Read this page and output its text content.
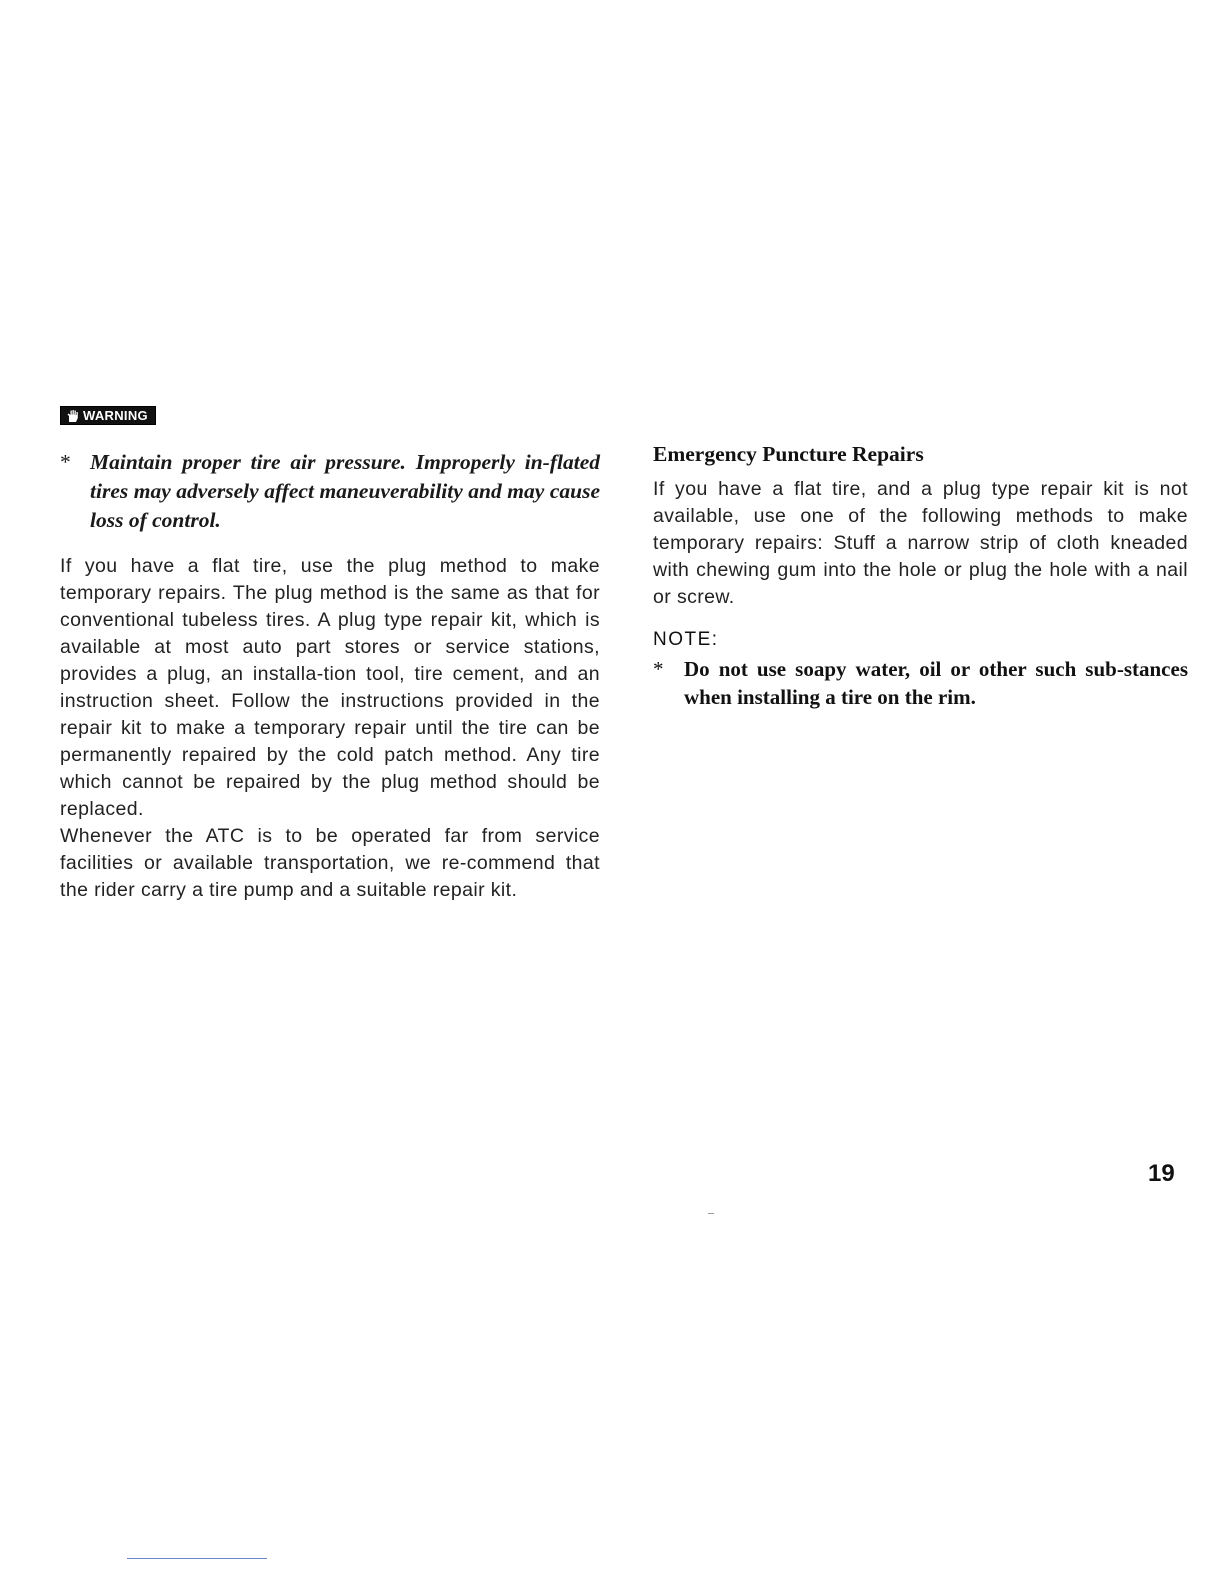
WARNING
* Maintain proper tire air pressure. Improperly in-flated tires may adversely affect maneuverability and may cause loss of control.

If you have a flat tire, use the plug method to make temporary repairs. The plug method is the same as that for conventional tubeless tires. A plug type repair kit, which is available at most auto part stores or service stations, provides a plug, an installa-tion tool, tire cement, and an instruction sheet. Follow the instructions provided in the repair kit to make a temporary repair until the tire can be permanently repaired by the cold patch method. Any tire which cannot be repaired by the plug method should be replaced.

Whenever the ATC is to be operated far from service facilities or available transportation, we re-commend that the rider carry a tire pump and a suitable repair kit.

Emergency Puncture Repairs

If you have a flat tire, and a plug type repair kit is not available, use one of the following methods to make temporary repairs: Stuff a narrow strip of cloth kneaded with chewing gum into the hole or plug the hole with a nail or screw.

NOTE:
* Do not use soapy water, oil or other such sub-stances when installing a tire on the rim.
19
